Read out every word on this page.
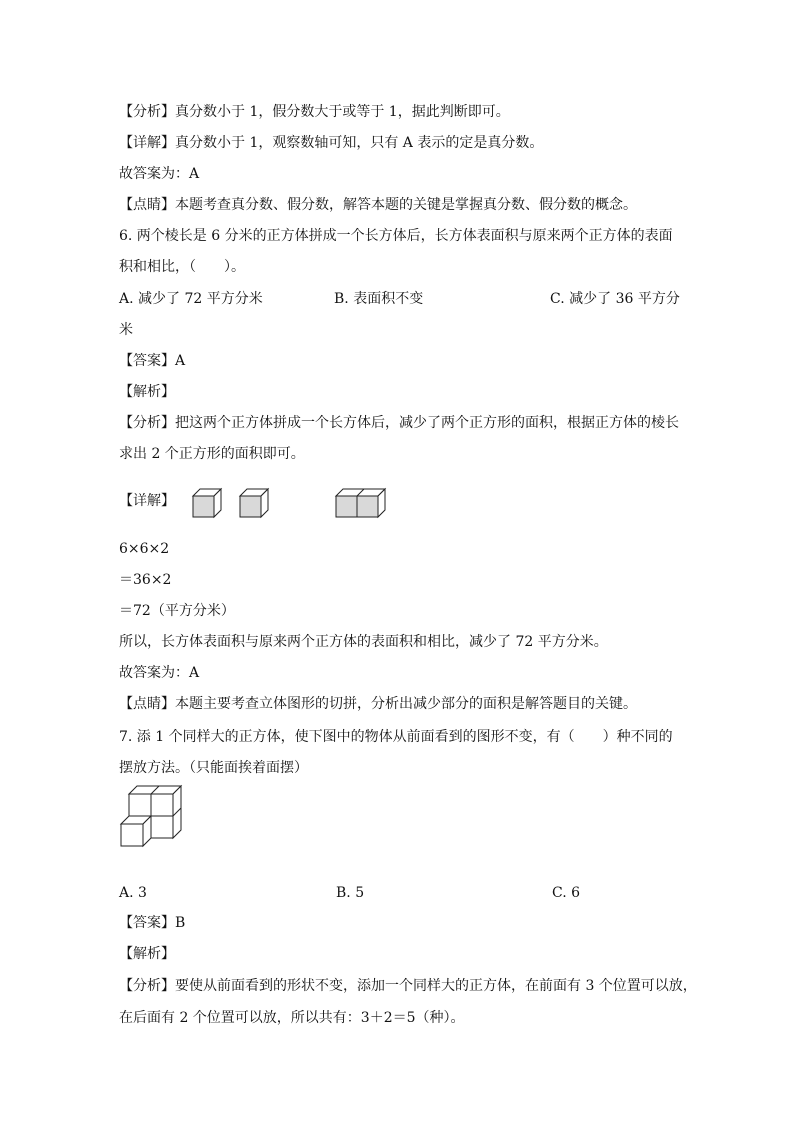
【分析】真分数小于 1，假分数大于或等于 1，据此判断即可。
【详解】真分数小于 1，观察数轴可知，只有 A 表示的定是真分数。
故答案为：A
【点睛】本题考查真分数、假分数，解答本题的关键是掌握真分数、假分数的概念。
6. 两个棱长是 6 分米的正方体拼成一个长方体后，长方体表面积与原来两个正方体的表面
积和相比，（　　）。
A. 减少了 72 平方分米	B. 表面积不变	C. 减少了 36 平方分
米
【答案】A
【解析】
【分析】把这两个正方体拼成一个长方体后，减少了两个正方形的面积，根据正方体的棱长
求出 2 个正方形的面积即可。
【详解】
6×6×2
＝36×2
＝72（平方分米）
所以，长方体表面积与原来两个正方体的表面积和相比，减少了 72 平方分米。
故答案为：A
【点睛】本题主要考查立体图形的切拼，分析出减少部分的面积是解答题目的关键。
7. 添 1 个同样大的正方体，使下图中的物体从前面看到的图形不变，有（　　）种不同的
摆放方法。（只能面挨着面摆）
A. 3	B. 5	C. 6
【答案】B
【解析】
【分析】要使从前面看到的形状不变，添加一个同样大的正方体，在前面有 3 个位置可以放，
在后面有 2 个位置可以放，所以共有：3＋2＝5（种）。
